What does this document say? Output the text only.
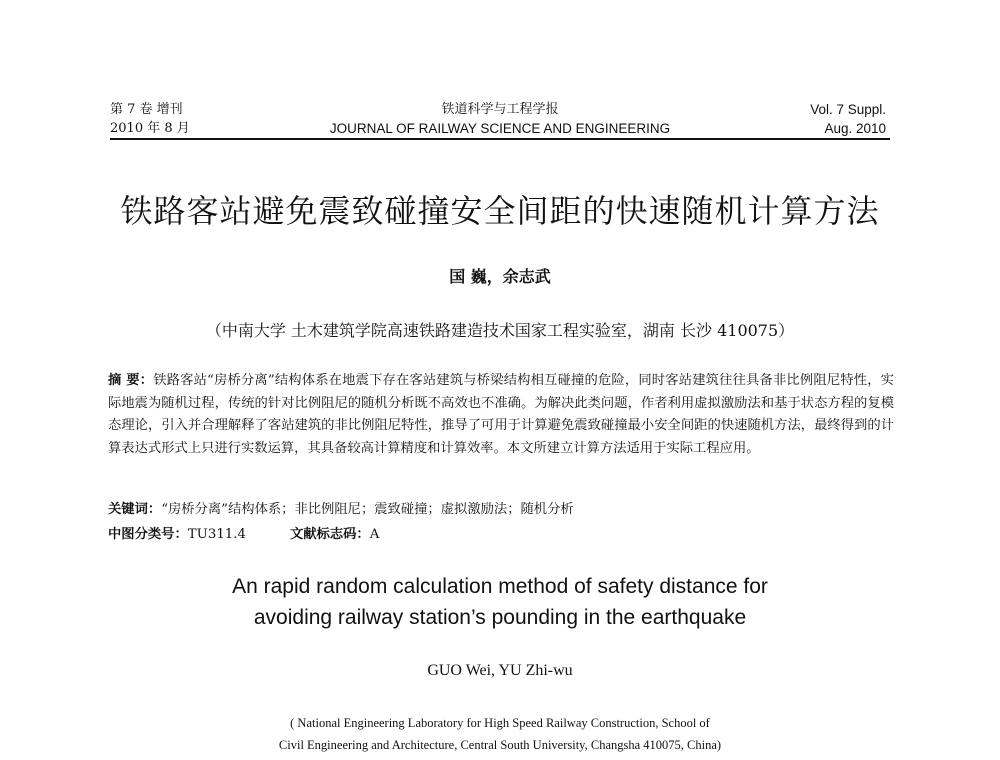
第 7 卷 增刊
2010 年 8 月
铁道科学与工程学报
JOURNAL OF RAILWAY SCIENCE AND ENGINEERING
Vol. 7 Suppl.
Aug. 2010
铁路客站避免震致碰撞安全间距的快速随机计算方法
国 巍，余志武
（中南大学 土木建筑学院高速铁路建造技术国家工程实验室，湖南 长沙 410075）
摘 要：铁路客站“房桥分离”结构体系在地震下存在客站建筑与桥梁结构相互碰撞的危险，同时客站建筑往往具备非比例阻尼特性，实际地震为随机过程，传统的针对比例阻尼的随机分析既不高效也不准确。为解决此类问题，作者利用虚拟激励法和基于状态方程的复模态理论，引入并合理解释了客站建筑的非比例阻尼特性，推导了可用于计算避免震致碰撞最小安全间距的快速随机方法，最终得到的计算表达式形式上只进行实数运算，其具备较高计算精度和计算效率。本文所建立计算方法适用于实际工程应用。
关键词：“房桥分离”结构体系；非比例阻尼；震致碰撞；虚拟激励法；随机分析
中图分类号：TU311.4	文献标志码：A
An rapid random calculation method of safety distance for
avoiding railway station’s pounding in the earthquake
GUO Wei, YU Zhi-wu
( National Engineering Laboratory for High Speed Railway Construction, School of
Civil Engineering and Architecture, Central South University, Changsha 410075, China)
